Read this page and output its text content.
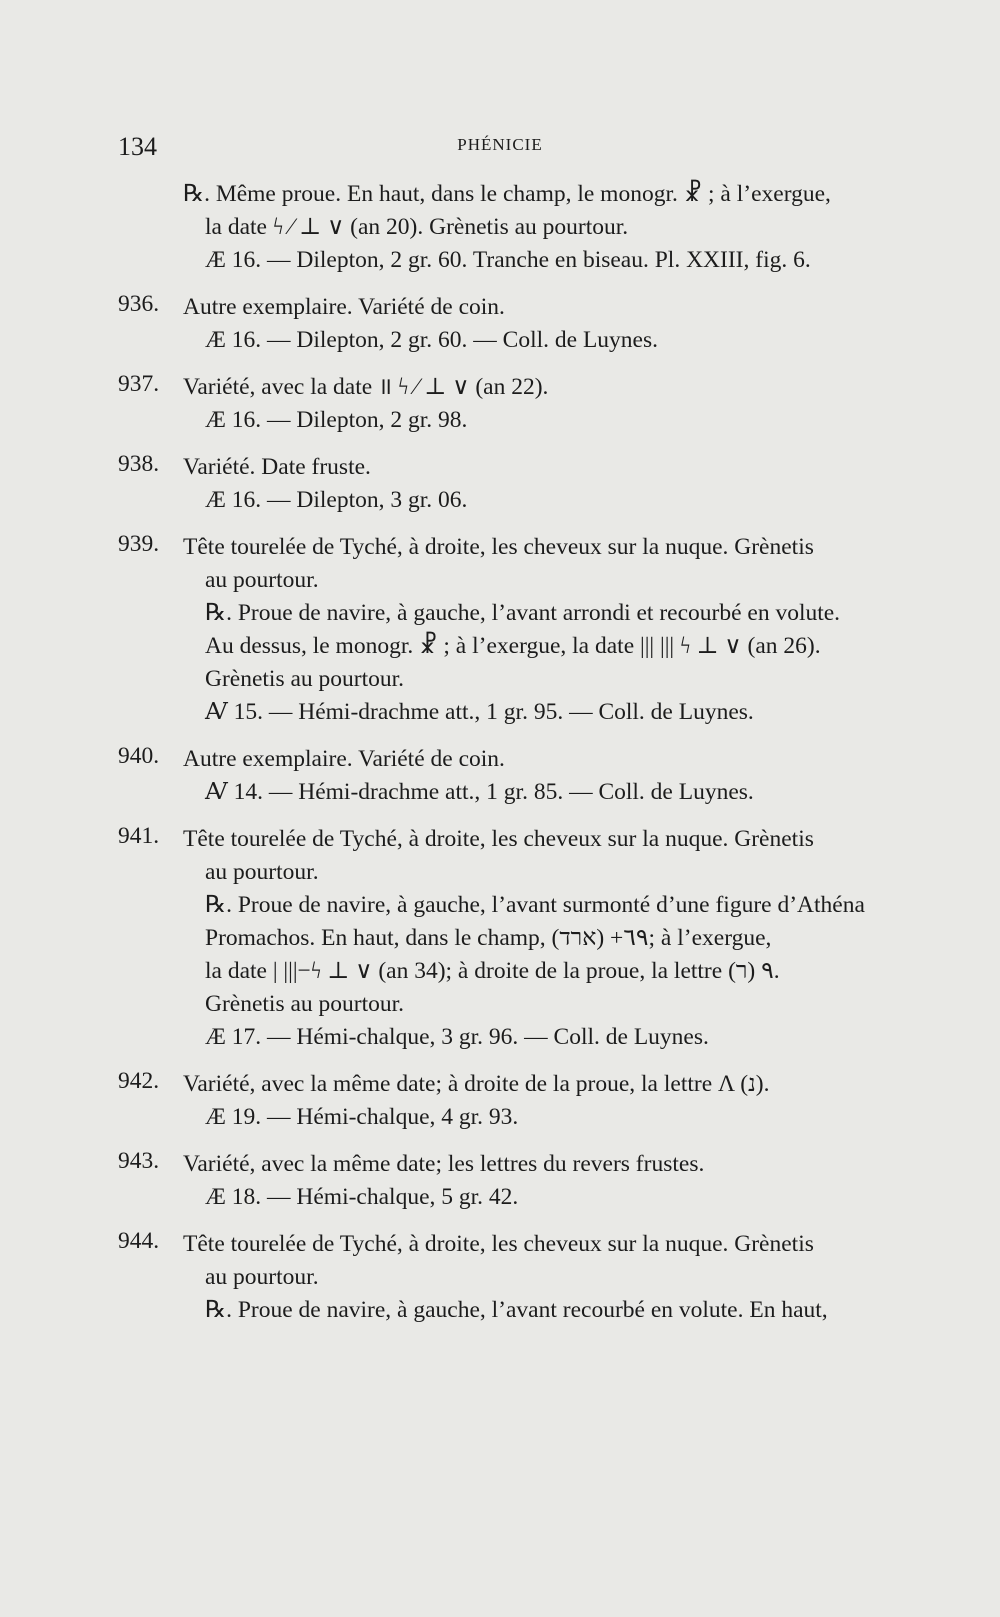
134	PHÉNICIE
℞. Même proue. En haut, dans le champ, le monogr. ☧ ; à l’exergue,
la date ϟ ⁄ ⊥ ∨ (an 20). Grènetis au pourtour.
Æ 16. — Dilepton, 2 gr. 60. Tranche en biseau. Pl. XXIII, fig. 6.
936.	Autre exemplaire. Variété de coin.
Æ 16. — Dilepton, 2 gr. 60. — Coll. de Luynes.
937.	Variété, avec la date ॥ ϟ ⁄ ⊥ ∨ (an 22).
Æ 16. — Dilepton, 2 gr. 98.
938.	Variété. Date fruste.
Æ 16. — Dilepton, 3 gr. 06.
939.	Tête tourelée de Tyché, à droite, les cheveux sur la nuque. Grènetis
au pourtour.
℞. Proue de navire, à gauche, l’avant arrondi et recourbé en volute.
Au dessus, le monogr. ☧ ; à l’exergue, la date ||| ||| ϟ ⊥ ∨ (an 26).
Grènetis au pourtour.
Ꜹ 15. — Hémi-drachme att., 1 gr. 95. — Coll. de Luynes.
940.	Autre exemplaire. Variété de coin.
Ꜹ 14. — Hémi-drachme att., 1 gr. 85. — Coll. de Luynes.
941.	Tête tourelée de Tyché, à droite, les cheveux sur la nuque. Grènetis
au pourtour.
℞. Proue de navire, à gauche, l’avant surmonté d’une figure d’Athéna
Promachos. En haut, dans le champ, ٦٩+ (ארד); à l’exergue,
la date | |||−ϟ ⊥ ∨ (an 34); à droite de la proue, la lettre ٩ (ר).
Grènetis au pourtour.
Æ 17. — Hémi-chalque, 3 gr. 96. — Coll. de Luynes.
942.	Variété, avec la même date; à droite de la proue, la lettre Λ (נ).
Æ 19. — Hémi-chalque, 4 gr. 93.
943.	Variété, avec la même date; les lettres du revers frustes.
Æ 18. — Hémi-chalque, 5 gr. 42.
944.	Tête tourelée de Tyché, à droite, les cheveux sur la nuque. Grènetis
au pourtour.
℞. Proue de navire, à gauche, l’avant recourbé en volute. En haut,
